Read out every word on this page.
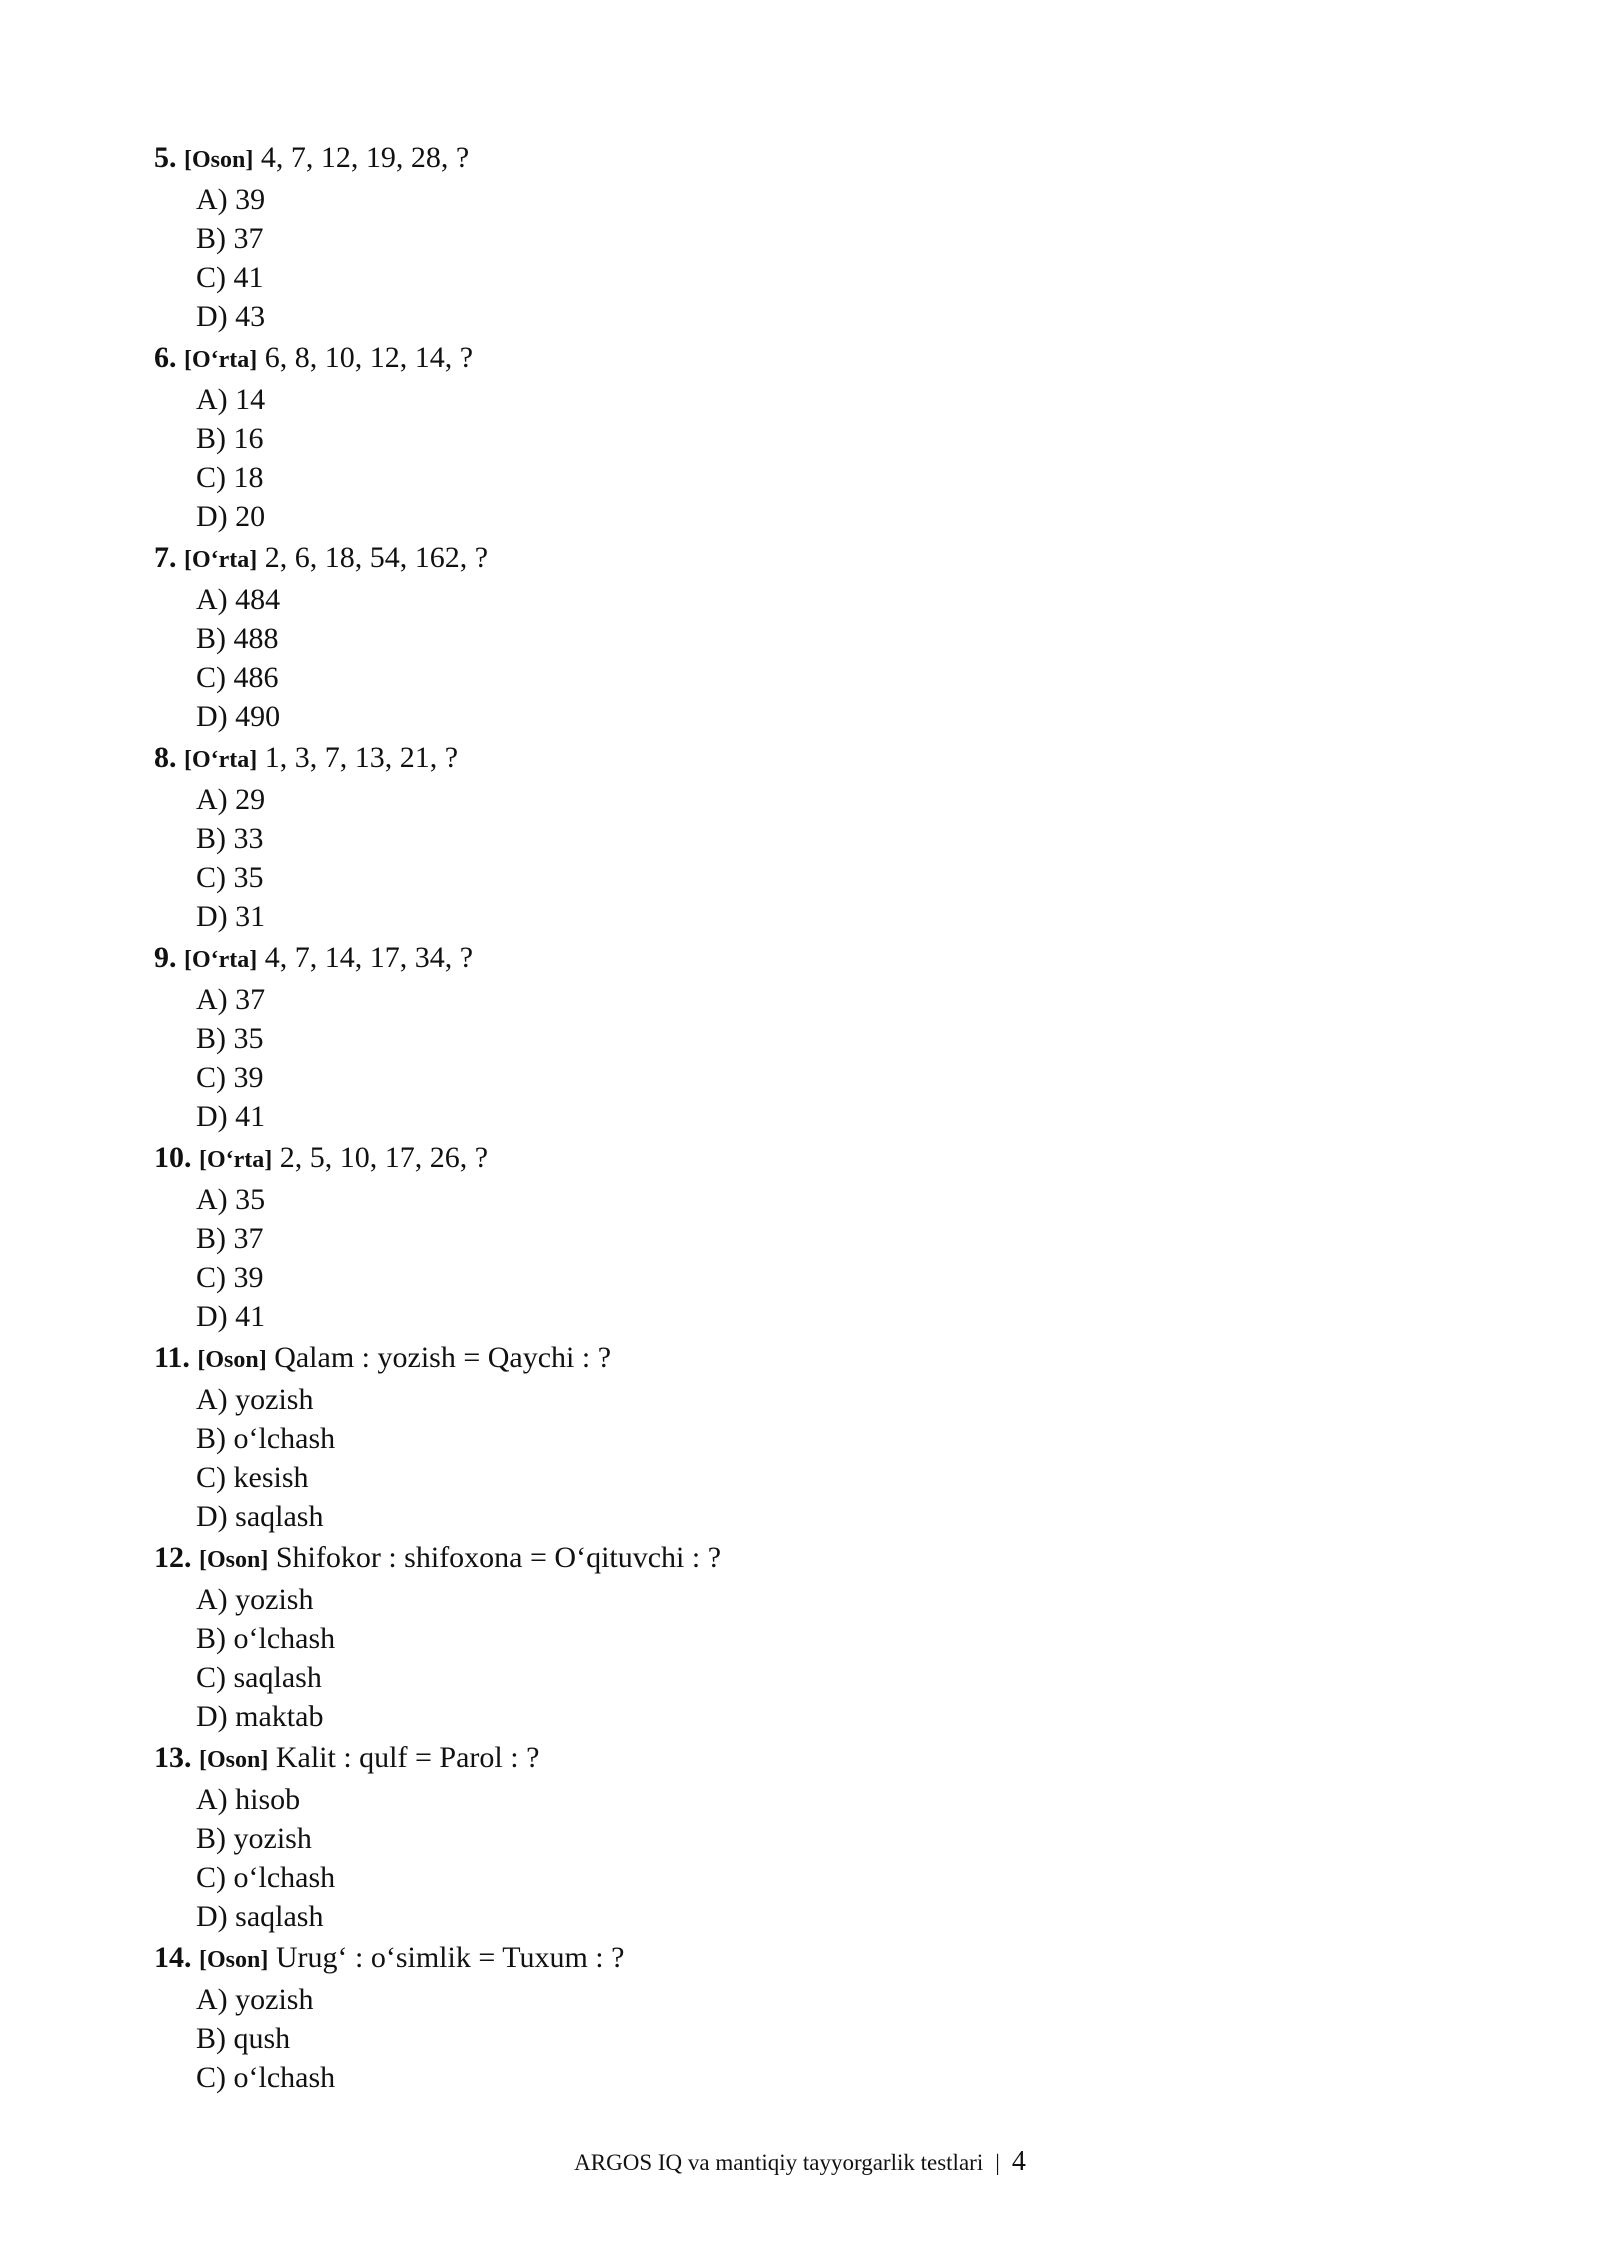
5. [Oson] 4, 7, 12, 19, 28, ?
A) 39
B) 37
C) 41
D) 43
6. [O‘rta] 6, 8, 10, 12, 14, ?
A) 14
B) 16
C) 18
D) 20
7. [O‘rta] 2, 6, 18, 54, 162, ?
A) 484
B) 488
C) 486
D) 490
8. [O‘rta] 1, 3, 7, 13, 21, ?
A) 29
B) 33
C) 35
D) 31
9. [O‘rta] 4, 7, 14, 17, 34, ?
A) 37
B) 35
C) 39
D) 41
10. [O‘rta] 2, 5, 10, 17, 26, ?
A) 35
B) 37
C) 39
D) 41
11. [Oson] Qalam : yozish = Qaychi : ?
A) yozish
B) o‘lchash
C) kesish
D) saqlash
12. [Oson] Shifokor : shifoxona = O‘qituvchi : ?
A) yozish
B) o‘lchash
C) saqlash
D) maktab
13. [Oson] Kalit : qulf = Parol : ?
A) hisob
B) yozish
C) o‘lchash
D) saqlash
14. [Oson] Urug‘ : o‘simlik = Tuxum : ?
A) yozish
B) qush
C) o‘lchash
ARGOS IQ va mantiqiy tayyorgarlik testlari | 4
